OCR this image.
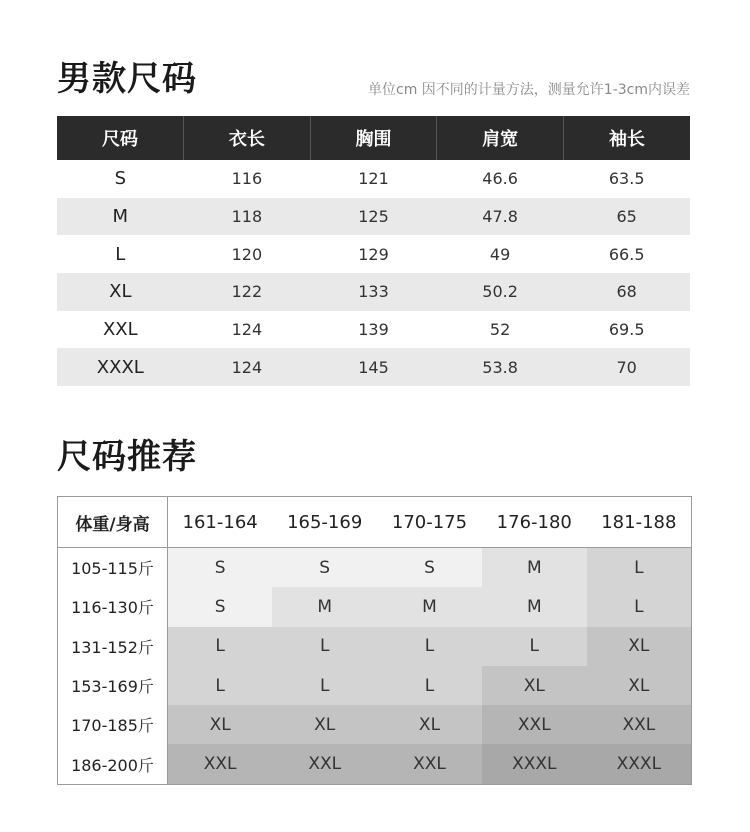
男款尺码	单位cm 因不同的计量方法，测量允许1-3cm内误差
尺码	衣长	胸围	肩宽	袖长
S	116	121	46.6	63.5
M	118	125	47.8	65
L	120	129	49	66.5
XL	122	133	50.2	68
XXL	124	139	52	69.5
XXXL	124	145	53.8	70
尺码推荐
体重/身高	161-164	165-169	170-175	176-180	181-188
105-115斤	S	S	S	M	L
116-130斤	S	M	M	M	L
131-152斤	L	L	L	L	XL
153-169斤	L	L	L	XL	XL
170-185斤	XL	XL	XL	XXL	XXL
186-200斤	XXL	XXL	XXL	XXXL	XXXL
